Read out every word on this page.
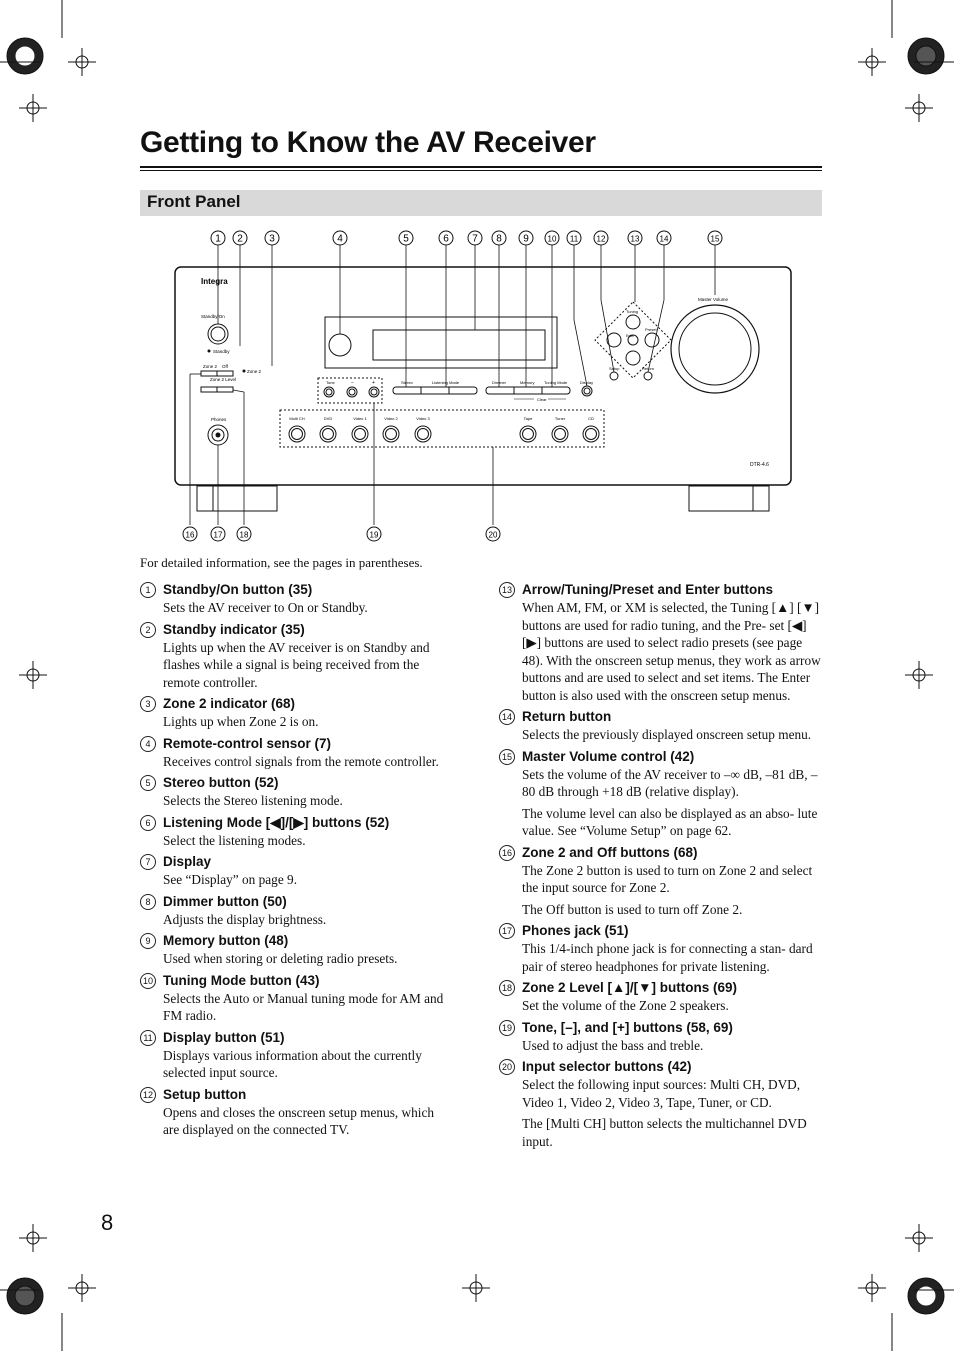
Getting to Know the AV Receiver
Front Panel
1 2	3	4	5	6 7 8 9 10 11 12	13	14	15
16 17 18	19	20
Integra
Standby/On
Standby
Zone 2
Zone 2 Off
Zone 2 Level
Phones
Tone	−	+	Stereo	Listening Mode	Dimmer	Memory Tuning Mode
Clear
Display
Tuning
Preset
Enter
Setup	Return
Master Volume
Multi CH	DVD	Video 1	Video 2	Video 3	Tape	Tuner	CD
DTR-4.6
For detailed information, see the pages in parentheses.
1 Standby/On button (35)
Sets the AV receiver to On or Standby.
2 Standby indicator (35)
Lights up when the AV receiver is on Standby and flashes while a signal is being received from the remote controller.
3 Zone 2 indicator (68)
Lights up when Zone 2 is on.
4 Remote-control sensor (7)
Receives control signals from the remote controller.
5 Stereo button (52)
Selects the Stereo listening mode.
6 Listening Mode [◀]/[▶] buttons (52)
Select the listening modes.
7 Display
See “Display” on page 9.
8 Dimmer button (50)
Adjusts the display brightness.
9 Memory button (48)
Used when storing or deleting radio presets.
10 Tuning Mode button (43)
Selects the Auto or Manual tuning mode for AM and FM radio.
11 Display button (51)
Displays various information about the currently selected input source.
12 Setup button
Opens and closes the onscreen setup menus, which are displayed on the connected TV.
13 Arrow/Tuning/Preset and Enter buttons
When AM, FM, or XM is selected, the Tuning [▲] [▼] buttons are used for radio tuning, and the Pre- set [◀] [▶] buttons are used to select radio presets (see page 48). With the onscreen setup menus, they work as arrow buttons and are used to select and set items. The Enter button is also used with the onscreen setup menus.
14 Return button
Selects the previously displayed onscreen setup menu.
15 Master Volume control (42)
Sets the volume of the AV receiver to –∞ dB, –81 dB, –80 dB through +18 dB (relative display).
The volume level can also be displayed as an abso- lute value. See “Volume Setup” on page 62.
16 Zone 2 and Off buttons (68)
The Zone 2 button is used to turn on Zone 2 and select the input source for Zone 2.
The Off button is used to turn off Zone 2.
17 Phones jack (51)
This 1/4-inch phone jack is for connecting a stan- dard pair of stereo headphones for private listening.
18 Zone 2 Level [▲]/[▼] buttons (69)
Set the volume of the Zone 2 speakers.
19 Tone, [–], and [+] buttons (58, 69)
Used to adjust the bass and treble.
20 Input selector buttons (42)
Select the following input sources: Multi CH, DVD, Video 1, Video 2, Video 3, Tape, Tuner, or CD.
The [Multi CH] button selects the multichannel DVD input.
8
